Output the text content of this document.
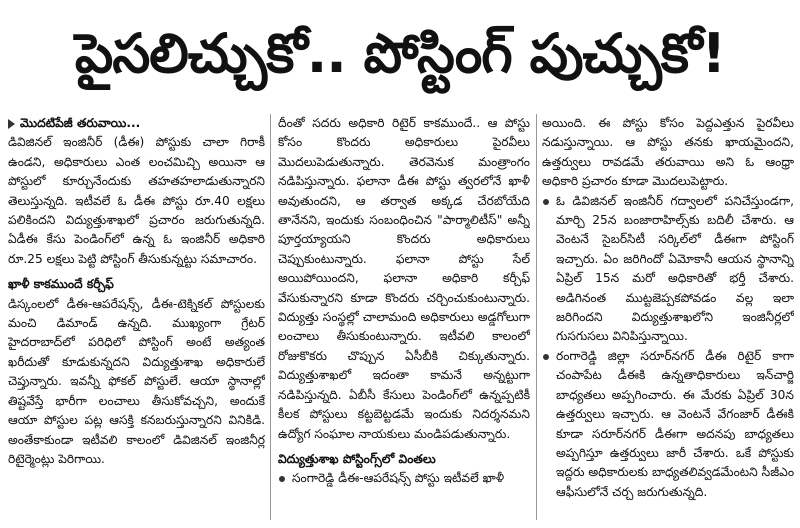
పైసలిచ్చుకో.. పోస్టింగ్ పుచ్చుకో!

మొదటిపేజీ తరువాయి...

డివిజినల్ ఇంజినీర్ (డీఈ) పోస్టుకు చాలా గిరాకీ ఉండని, అధికారులు ఎంత లంచమిచ్చి అయినా ఆ పోస్టులో కూర్చునేందుకు తహతహలాడుతున్నారని తెలుస్తున్నది. ఇటీవలే ఓ డీఈ పోస్టు రూ.40 లక్షలు పలికిందని విద్యుత్తుశాఖలో ప్రచారం జరుగుతున్నది. ఏడీఈ కేసు పెండింగ్‌లో ఉన్న ఓ ఇంజినీర్ అధికారి రూ.25 లక్షలు పెట్టి పోస్టింగ్ తీసుకున్నట్టు సమాచారం.

ఖాళీ కాకముందే కర్చీఫ్

డిస్కంలలో డీఈ-ఆపరేషన్స్, డీఈ-టెక్నికల్ పోస్టులకు మంచి డిమాండ్ ఉన్నది. ముఖ్యంగా గ్రేటర్ హైదరాబాద్‌లో పరిధిలో పోస్టింగ్ అంటే అత్యంత ఖరీదుతో కూడుకున్నదని విద్యుత్తుశాఖ అధికారులే చెప్తున్నారు. ఇవన్నీ ఫోకల్ పోస్టులే. ఆయా స్థానాల్లో తిష్టవేస్తే భారీగా లంచాలు తీసుకోవచ్చని, అందుకే ఆయా పోస్టుల పట్ల ఆసక్తి కనబరుస్తున్నారని వినికిడి. అంతేకాకుండా ఇటీవలి కాలంలో డివిజినల్ ఇంజినీర్ల రిటైర్మెంట్లు పెరిగాయి.

దీంతో సదరు అధికారి రిటైర్ కాకముందే.. ఆ పోస్టు కోసం కొందరు అధికారులు పైరవీలు మొదలుపెడుతున్నారు. తెరవెనుక మంత్రాంగం నడిపిస్తున్నారు. ఫలానా డీఈ పోస్టు త్వరలోనే ఖాళీ అవుతుందని, ఆ తర్వాత అక్కడ చేరబోయేది తానేనని, ఇందుకు సంబంధించిన "పార్మాలిటీస్" అన్నీ పూర్తయ్యాయని కొందరు అధికారులు చెప్పుకుంటున్నారు. ఫలానా పోస్టు సేల్ అయిపోయిందని, ఫలానా అధికారి కర్చీఫ్ వేసుకున్నారని కూడా కొందరు చర్చించుకుంటున్నారు. విద్యుత్తు సంస్థల్లో చాలామంది అధికారులు అడ్డగోలుగా లంచాలు తీసుకుంటున్నారు. ఇటీవలి కాలంలో రోజుకొకరు చొప్పున ఏసీబీకి చిక్కుతున్నారు. విద్యుత్తుశాఖలో ఇదంతా కామనే అన్నట్టుగా నడిపిస్తున్నది. ఏబీసీ కేసులు పెండింగ్‌లో ఉన్నప్పటికీ కీలక పోస్టులు కట్టబెట్టడమే ఇందుకు నిదర్శనమని ఉద్యోగ సంఘాల నాయకులు మండిపడుతున్నారు.

విద్యుత్తుశాఖ పోస్టింగ్స్‌లో వింతలు

సంగారెడ్డి డీఈ-ఆపరేషన్స్ పోస్టు ఇటీవలే ఖాళీ

అయింది. ఈ పోస్టు కోసం పెద్దఎత్తున పైరవీలు నడుస్తున్నాయి. ఆ పోస్టు తనకు ఖాయమైందని, ఉత్తర్వులు రావడమే తరువాయి అని ఓ ఆంధ్రా అధికారి ప్రచారం కూడా మొదలుపెట్టారు.

ఓ డివిజినల్ ఇంజినీర్ గద్వాలలో పనిచేస్తుండగా, మార్చి 25న బంజారాహిల్స్‌కు బదిలీ చేశారు. ఆ వెంటనే సైబర్‌సిటీ సర్కిల్‌లో డీఈగా పోస్టింగ్ ఇచ్చారు. ఏం జరిగిందో ఏమోకానీ ఆయన స్థానాన్ని ఏప్రిల్ 15న మరో అధికారితో భర్తీ చేశారు. అడిగినంత ముట్టజెప్పకపోవడం వల్ల ఇలా జరిగిందని విద్యుత్తుశాఖలోని ఇంజినీర్లలో గుసగుసలు వినిపిస్తున్నాయి.

రంగారెడ్డి జిల్లా సరూర్‌నగర్ డీఈ రిటైర్ కాగా చంపాపేట డీఈకి ఉన్నతాధికారులు ఇన్‌చార్జి బాధ్యతలు అప్పగించారు. ఈ మేరకు ఏప్రిల్ 30న ఉత్తర్వులు ఇచ్చారు. ఆ వెంటనే వేగంజార్ డీఈకి కూడా సరూర్‌నగర్ డీఈగా అదనపు బాధ్యతలు అప్పగిస్తూ ఉత్తర్వులు జారీ చేశారు. ఒకే పోస్టుకు ఇద్దరు అధికారులకు బాధ్యతలివ్వడమేంటని సీజీఎం ఆఫీసులోనే చర్చ జరుగుతున్నది.
